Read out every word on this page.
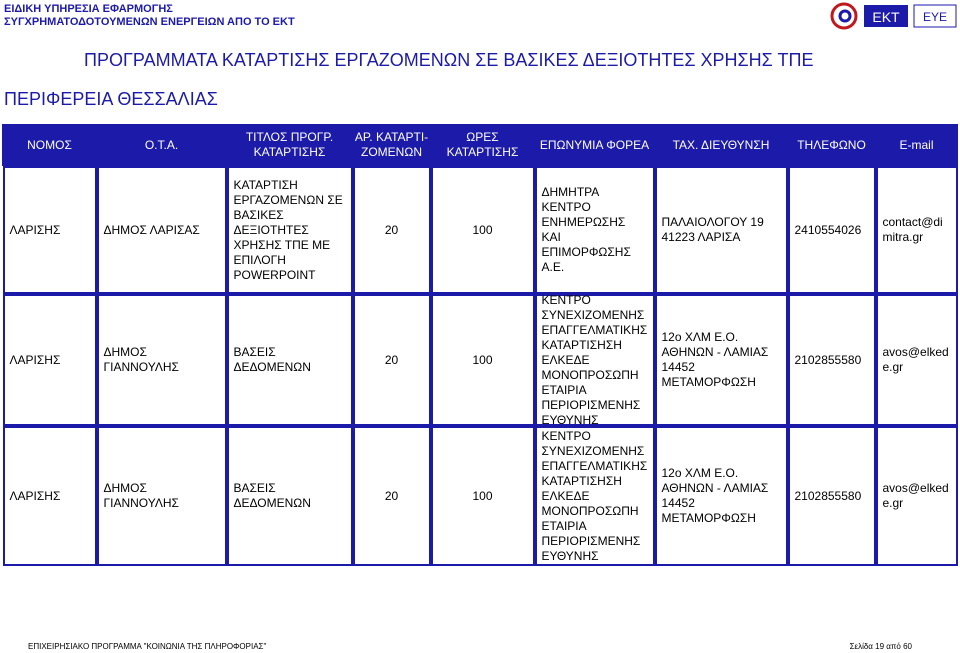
ΕΙΔΙΚΗ ΥΠΗΡΕΣΙΑ ΕΦΑΡΜΟΓΗΣ
ΣΥΓΧΡΗΜΑΤΟΔΟΤΟΥΜΕΝΩΝ ΕΝΕΡΓΕΙΩΝ ΑΠΟ ΤΟ ΕΚΤ	ΕΚΤ ΕΥΕ
ΠΡΟΓΡΑΜΜΑΤΑ ΚΑΤΑΡΤΙΣΗΣ ΕΡΓΑΖΟΜΕΝΩΝ ΣΕ ΒΑΣΙΚΕΣ ΔΕΞΙΟΤΗΤΕΣ ΧΡΗΣΗΣ ΤΠΕ
ΠΕΡΙΦΕΡΕΙΑ ΘΕΣΣΑΛΙΑΣ
ΝΟΜΟΣ	Ο.Τ.Α.	ΤΙΤΛΟΣ ΠΡΟΓΡ. ΚΑΤΑΡΤΙΣΗΣ	ΑΡ. ΚΑΤΑΡΤΙ-ΖΟΜΕΝΩΝ	ΩΡΕΣ ΚΑΤΑΡΤΙΣΗΣ	ΕΠΩΝΥΜΙΑ ΦΟΡΕΑ	ΤΑΧ. ΔΙΕΥΘΥΝΣΗ	ΤΗΛΕΦΩΝΟ	E-mail

ΛΑΡΙΣΗΣ	ΔΗΜΟΣ ΛΑΡΙΣΑΣ	ΚΑΤΑΡΤΙΣΗ ΕΡΓΑΖΟΜΕΝΩΝ ΣΕ ΒΑΣΙΚΕΣ ΔΕΞΙΟΤΗΤΕΣ ΧΡΗΣΗΣ ΤΠΕ ΜΕ ΕΠΙΛΟΓΗ POWERPOINT	20	100	ΔΗΜΗΤΡΑ ΚΕΝΤΡΟ ΕΝΗΜΕΡΩΣΗΣ ΚΑΙ ΕΠΙΜΟΡΦΩΣΗΣ Α.Ε.	ΠΑΛΑΙΟΛΟΓΟΥ 19 41223 ΛΑΡΙΣΑ	2410554026	contact@dimitra.gr

ΛΑΡΙΣΗΣ	ΔΗΜΟΣ ΓΙΑΝΝΟΥΛΗΣ	ΒΑΣΕΙΣ ΔΕΔΟΜΕΝΩΝ	20	100	ΚΕΝΤΡΟ ΣΥΝΕΧΙΖΟΜΕΝΗΣ ΕΠΑΓΓΕΛΜΑΤΙΚΗΣ ΚΑΤΑΡΤΙΣΗΣΗ ΕΛΚΕΔΕ ΜΟΝΟΠΡΟΣΩΠΗ ΕΤΑΙΡΙΑ ΠΕΡΙΟΡΙΣΜΕΝΗΣ ΕΥΘΥΝΗΣ	12ο ΧΛΜ Ε.Ο. ΑΘΗΝΩΝ - ΛΑΜΙΑΣ 14452 ΜΕΤΑΜΟΡΦΩΣΗ	2102855580	avos@elkede.gr

ΛΑΡΙΣΗΣ	ΔΗΜΟΣ ΓΙΑΝΝΟΥΛΗΣ	ΒΑΣΕΙΣ ΔΕΔΟΜΕΝΩΝ	20	100	ΚΕΝΤΡΟ ΣΥΝΕΧΙΖΟΜΕΝΗΣ ΕΠΑΓΓΕΛΜΑΤΙΚΗΣ ΚΑΤΑΡΤΙΣΗΣΗ ΕΛΚΕΔΕ ΜΟΝΟΠΡΟΣΩΠΗ ΕΤΑΙΡΙΑ ΠΕΡΙΟΡΙΣΜΕΝΗΣ ΕΥΘΥΝΗΣ	12ο ΧΛΜ Ε.Ο. ΑΘΗΝΩΝ - ΛΑΜΙΑΣ 14452 ΜΕΤΑΜΟΡΦΩΣΗ	2102855580	avos@elkede.gr
ΕΠΙΧΕΙΡΗΣΙΑΚΟ ΠΡΟΓΡΑΜΜΑ "ΚΟΙΝΩΝΙΑ ΤΗΣ ΠΛΗΡΟΦΟΡΙΑΣ"	Σελίδα 19 από 60
